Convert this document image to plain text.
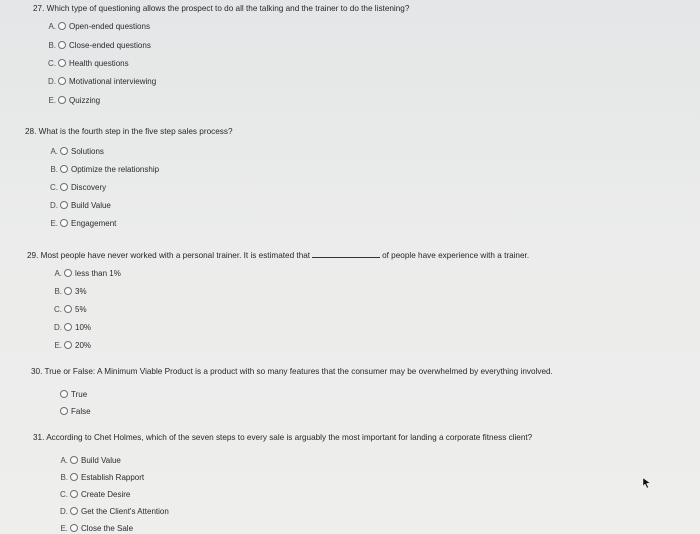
27. Which type of questioning allows the prospect to do all the talking and the trainer to do the listening?
A. Open-ended questions
B. Close-ended questions
C. Health questions
D. Motivational interviewing
E. Quizzing
28. What is the fourth step in the five step sales process?
A. Solutions
B. Optimize the relationship
C. Discovery
D. Build Value
E. Engagement
29. Most people have never worked with a personal trainer. It is estimated that	of people have experience with a trainer.
A. less than 1%
B. 3%
C. 5%
D. 10%
E. 20%
30. True or False: A Minimum Viable Product is a product with so many features that the consumer may be overwhelmed by everything involved.
True
False
31. According to Chet Holmes, which of the seven steps to every sale is arguably the most important for landing a corporate fitness client?
A. Build Value
B. Establish Rapport
C. Create Desire
D. Get the Client's Attention
E. Close the Sale
